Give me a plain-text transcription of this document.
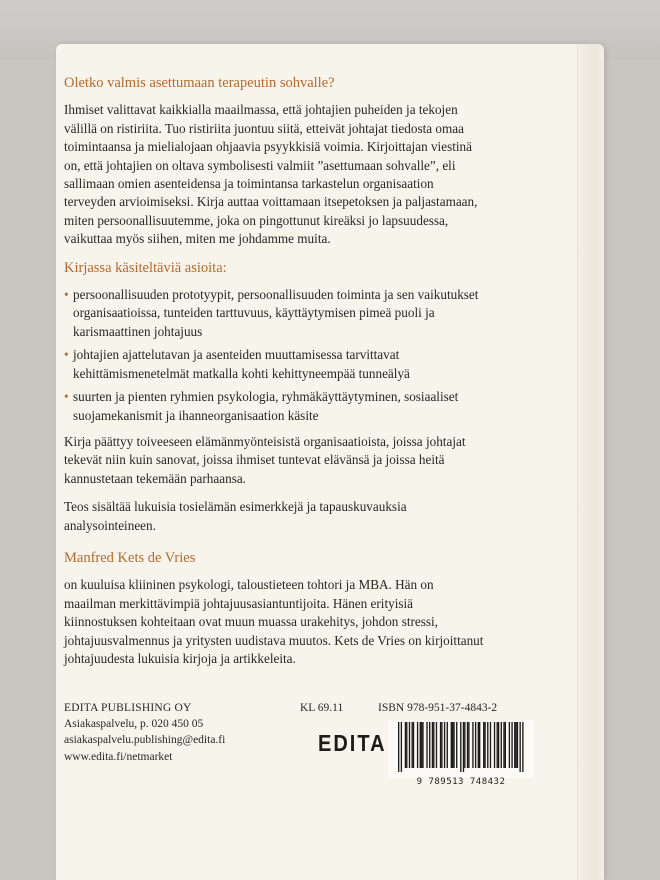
Oletko valmis asettumaan terapeutin sohvalle?

Ihmiset valittavat kaikkialla maailmassa, että johtajien puheiden ja tekojen välillä on ristiriita. Tuo ristiriita juontuu siitä, etteivät johtajat tiedosta omaa toimintaansa ja mielialojaan ohjaavia psyykkisiä voimia. Kirjoittajan viestinä on, että johtajien on oltava symbolisesti valmiit ”asettumaan sohvalle”, eli sallimaan omien asenteidensa ja toimintansa tarkastelun organisaation terveyden arvioimiseksi. Kirja auttaa voittamaan itsepetoksen ja paljastamaan, miten persoonallisuutemme, joka on pingottunut kireäksi jo lapsuudessa, vaikuttaa myös siihen, miten me johdamme muita.

Kirjassa käsiteltäviä asioita:
• persoonallisuuden prototyypit, persoonallisuuden toiminta ja sen vaikutukset organisaatioissa, tunteiden tarttuvuus, käyttäytymisen pimeä puoli ja karismaattinen johtajuus
• johtajien ajattelutavan ja asenteiden muuttamisessa tarvittavat kehittämismenetelmät matkalla kohti kehittyneempää tunneälyä
• suurten ja pienten ryhmien psykologia, ryhmäkäyttäytyminen, sosiaaliset suojamekanismit ja ihanneorganisaation käsite

Kirja päättyy toiveeseen elämänmyönteisistä organisaatioista, joissa johtajat tekevät niin kuin sanovat, joissa ihmiset tuntevat elävänsä ja joissa heitä kannustetaan tekemään parhaansa.

Teos sisältää lukuisia tosielämän esimerkkejä ja tapauskuvauksia analysointeineen.

Manfred Kets de Vries

on kuuluisa kliininen psykologi, taloustieteen tohtori ja MBA. Hän on maailman merkittävimpiä johtajuusasiantuntijoita. Hänen erityisiä kiinnostuksen kohteitaan ovat muun muassa urakehitys, johdon stressi, johtajuusvalmennus ja yritysten uudistava muutos. Kets de Vries on kirjoittanut johtajuudesta lukuisia kirjoja ja artikkeleita.

EDITA PUBLISHING OY
Asiakaspalvelu, p. 020 450 05
asiakaspalvelu.publishing@edita.fi
www.edita.fi/netmarket
KL 69.11
EDITA
ISBN 978-951-37-4843-2
9 789513 748432
